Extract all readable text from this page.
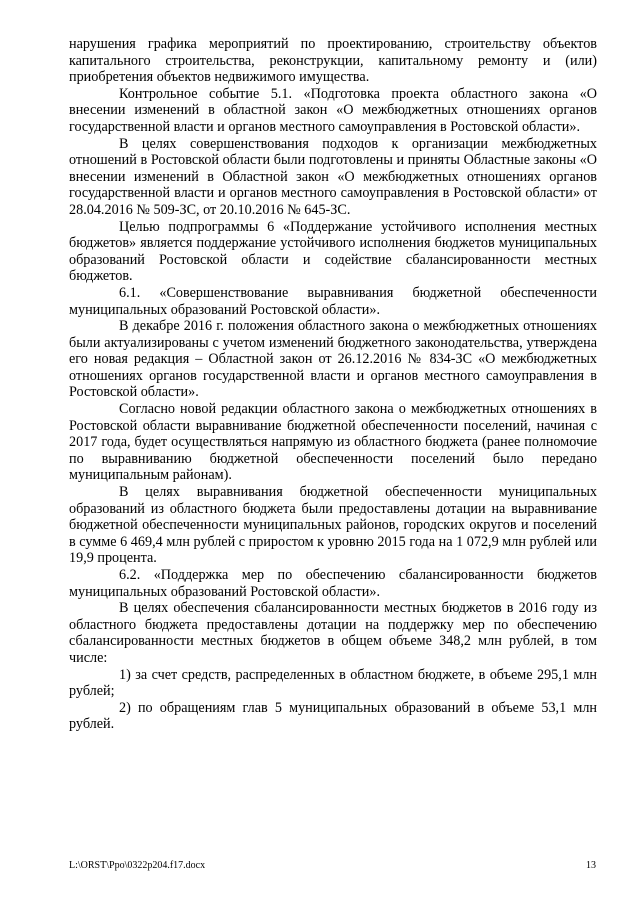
нарушения графика мероприятий по проектированию, строительству объектов капитального строительства, реконструкции, капитальному ремонту и (или) приобретения объектов недвижимого имущества.

Контрольное событие 5.1. «Подготовка проекта областного закона «О внесении изменений в областной закон «О межбюджетных отношениях органов государственной власти и органов местного самоуправления в Ростовской области».

В целях совершенствования подходов к организации межбюджетных отношений в Ростовской области были подготовлены и приняты Областные законы «О внесении изменений в Областной закон «О межбюджетных отношениях органов государственной власти и органов местного самоуправления в Ростовской области» от 28.04.2016 № 509-ЗС, от 20.10.2016 № 645-ЗС.

Целью подпрограммы 6 «Поддержание устойчивого исполнения местных бюджетов» является поддержание устойчивого исполнения бюджетов муниципальных образований Ростовской области и содействие сбалансированности местных бюджетов.

6.1. «Совершенствование выравнивания бюджетной обеспеченности муниципальных образований Ростовской области».

В декабре 2016 г. положения областного закона о межбюджетных отношениях были актуализированы с учетом изменений бюджетного законодательства, утверждена его новая редакция – Областной закон от 26.12.2016 № 834-ЗС «О межбюджетных отношениях органов государственной власти и органов местного самоуправления в Ростовской области».

Согласно новой редакции областного закона о межбюджетных отношениях в Ростовской области выравнивание бюджетной обеспеченности поселений, начиная с 2017 года, будет осуществляться напрямую из областного бюджета (ранее полномочие по выравниванию бюджетной обеспеченности поселений было передано муниципальным районам).

В целях выравнивания бюджетной обеспеченности муниципальных образований из областного бюджета были предоставлены дотации на выравнивание бюджетной обеспеченности муниципальных районов, городских округов и поселений в сумме 6 469,4 млн рублей с приростом к уровню 2015 года на 1 072,9 млн рублей или 19,9 процента.

6.2. «Поддержка мер по обеспечению сбалансированности бюджетов муниципальных образований Ростовской области».

В целях обеспечения сбалансированности местных бюджетов в 2016 году из областного бюджета предоставлены дотации на поддержку мер по обеспечению сбалансированности местных бюджетов в общем объеме 348,2 млн рублей, в том числе:

1) за счет средств, распределенных в областном бюджете, в объеме 295,1 млн рублей;

2) по обращениям глав 5 муниципальных образований в объеме 53,1 млн рублей.

L:\ORST\Ppo\0322p204.f17.docx	13
